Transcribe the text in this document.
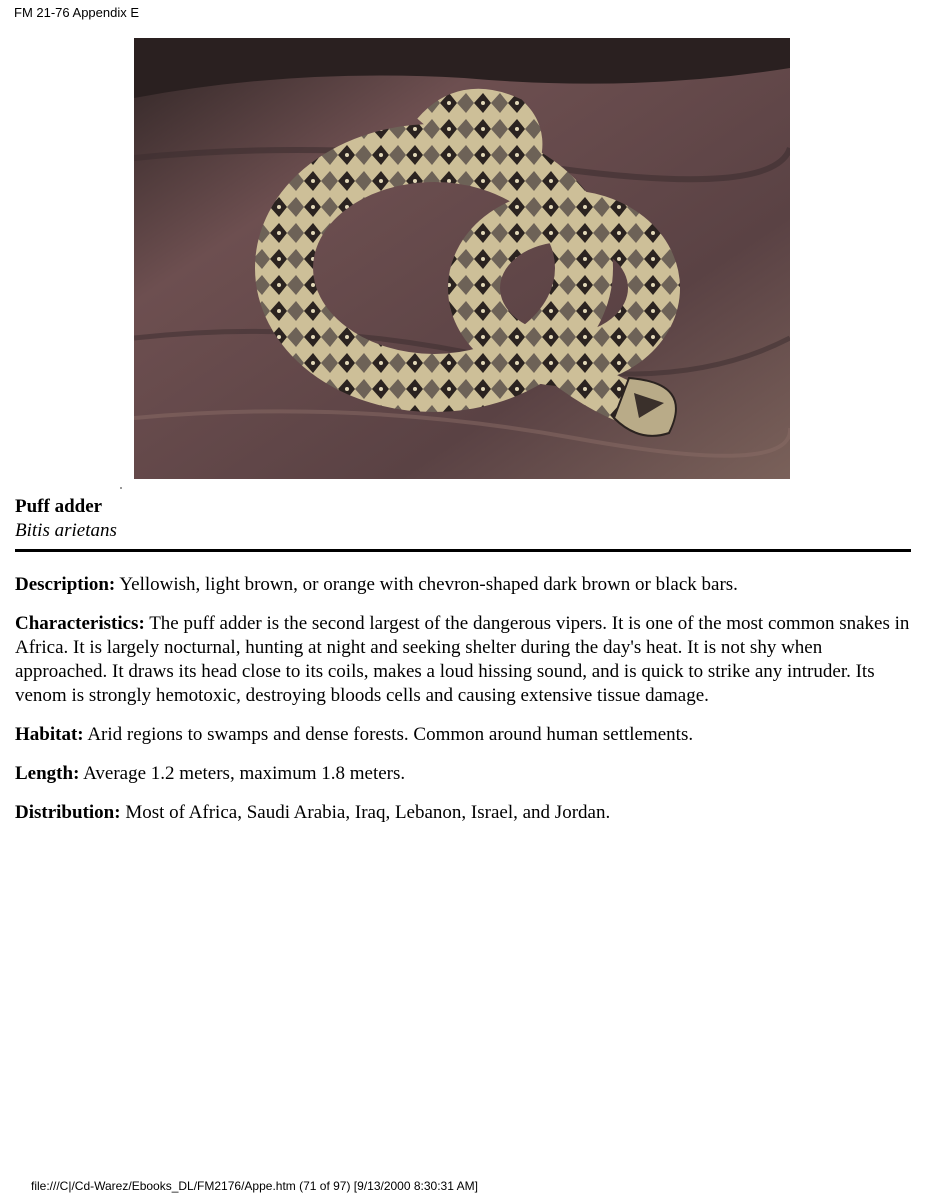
FM 21-76 Appendix E
Puff adder
Bitis arietans

Description: Yellowish, light brown, or orange with chevron-shaped dark brown or black bars.

Characteristics: The puff adder is the second largest of the dangerous vipers. It is one of the most common snakes in Africa. It is largely nocturnal, hunting at night and seeking shelter during the day's heat. It is not shy when approached. It draws its head close to its coils, makes a loud hissing sound, and is quick to strike any intruder. Its venom is strongly hemotoxic, destroying bloods cells and causing extensive tissue damage.

Habitat: Arid regions to swamps and dense forests. Common around human settlements.

Length: Average 1.2 meters, maximum 1.8 meters.

Distribution: Most of Africa, Saudi Arabia, Iraq, Lebanon, Israel, and Jordan.

file:///C|/Cd-Warez/Ebooks_DL/FM2176/Appe.htm (71 of 97) [9/13/2000 8:30:31 AM]
